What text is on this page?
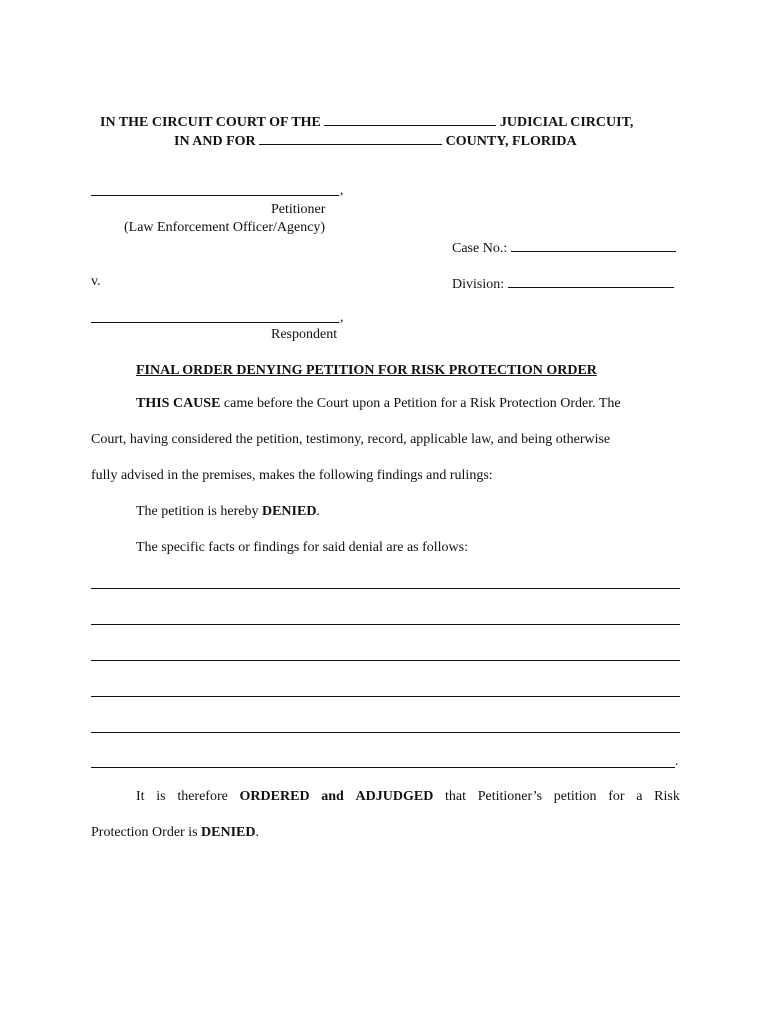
IN THE CIRCUIT COURT OF THE	JUDICIAL CIRCUIT,
IN AND FOR	COUNTY, FLORIDA
,
Petitioner
(Law Enforcement Officer/Agency)
Case No.:
v.	Division:
,
Respondent
FINAL ORDER DENYING PETITION FOR RISK PROTECTION ORDER
THIS CAUSE came before the Court upon a Petition for a Risk Protection Order. The
Court, having considered the petition, testimony, record, applicable law, and being otherwise
fully advised in the premises, makes the following findings and rulings:
The petition is hereby DENIED.
The specific facts or findings for said denial are as follows:
.
It is therefore ORDERED and ADJUDGED that Petitioner’s petition for a Risk
Protection Order is DENIED.
